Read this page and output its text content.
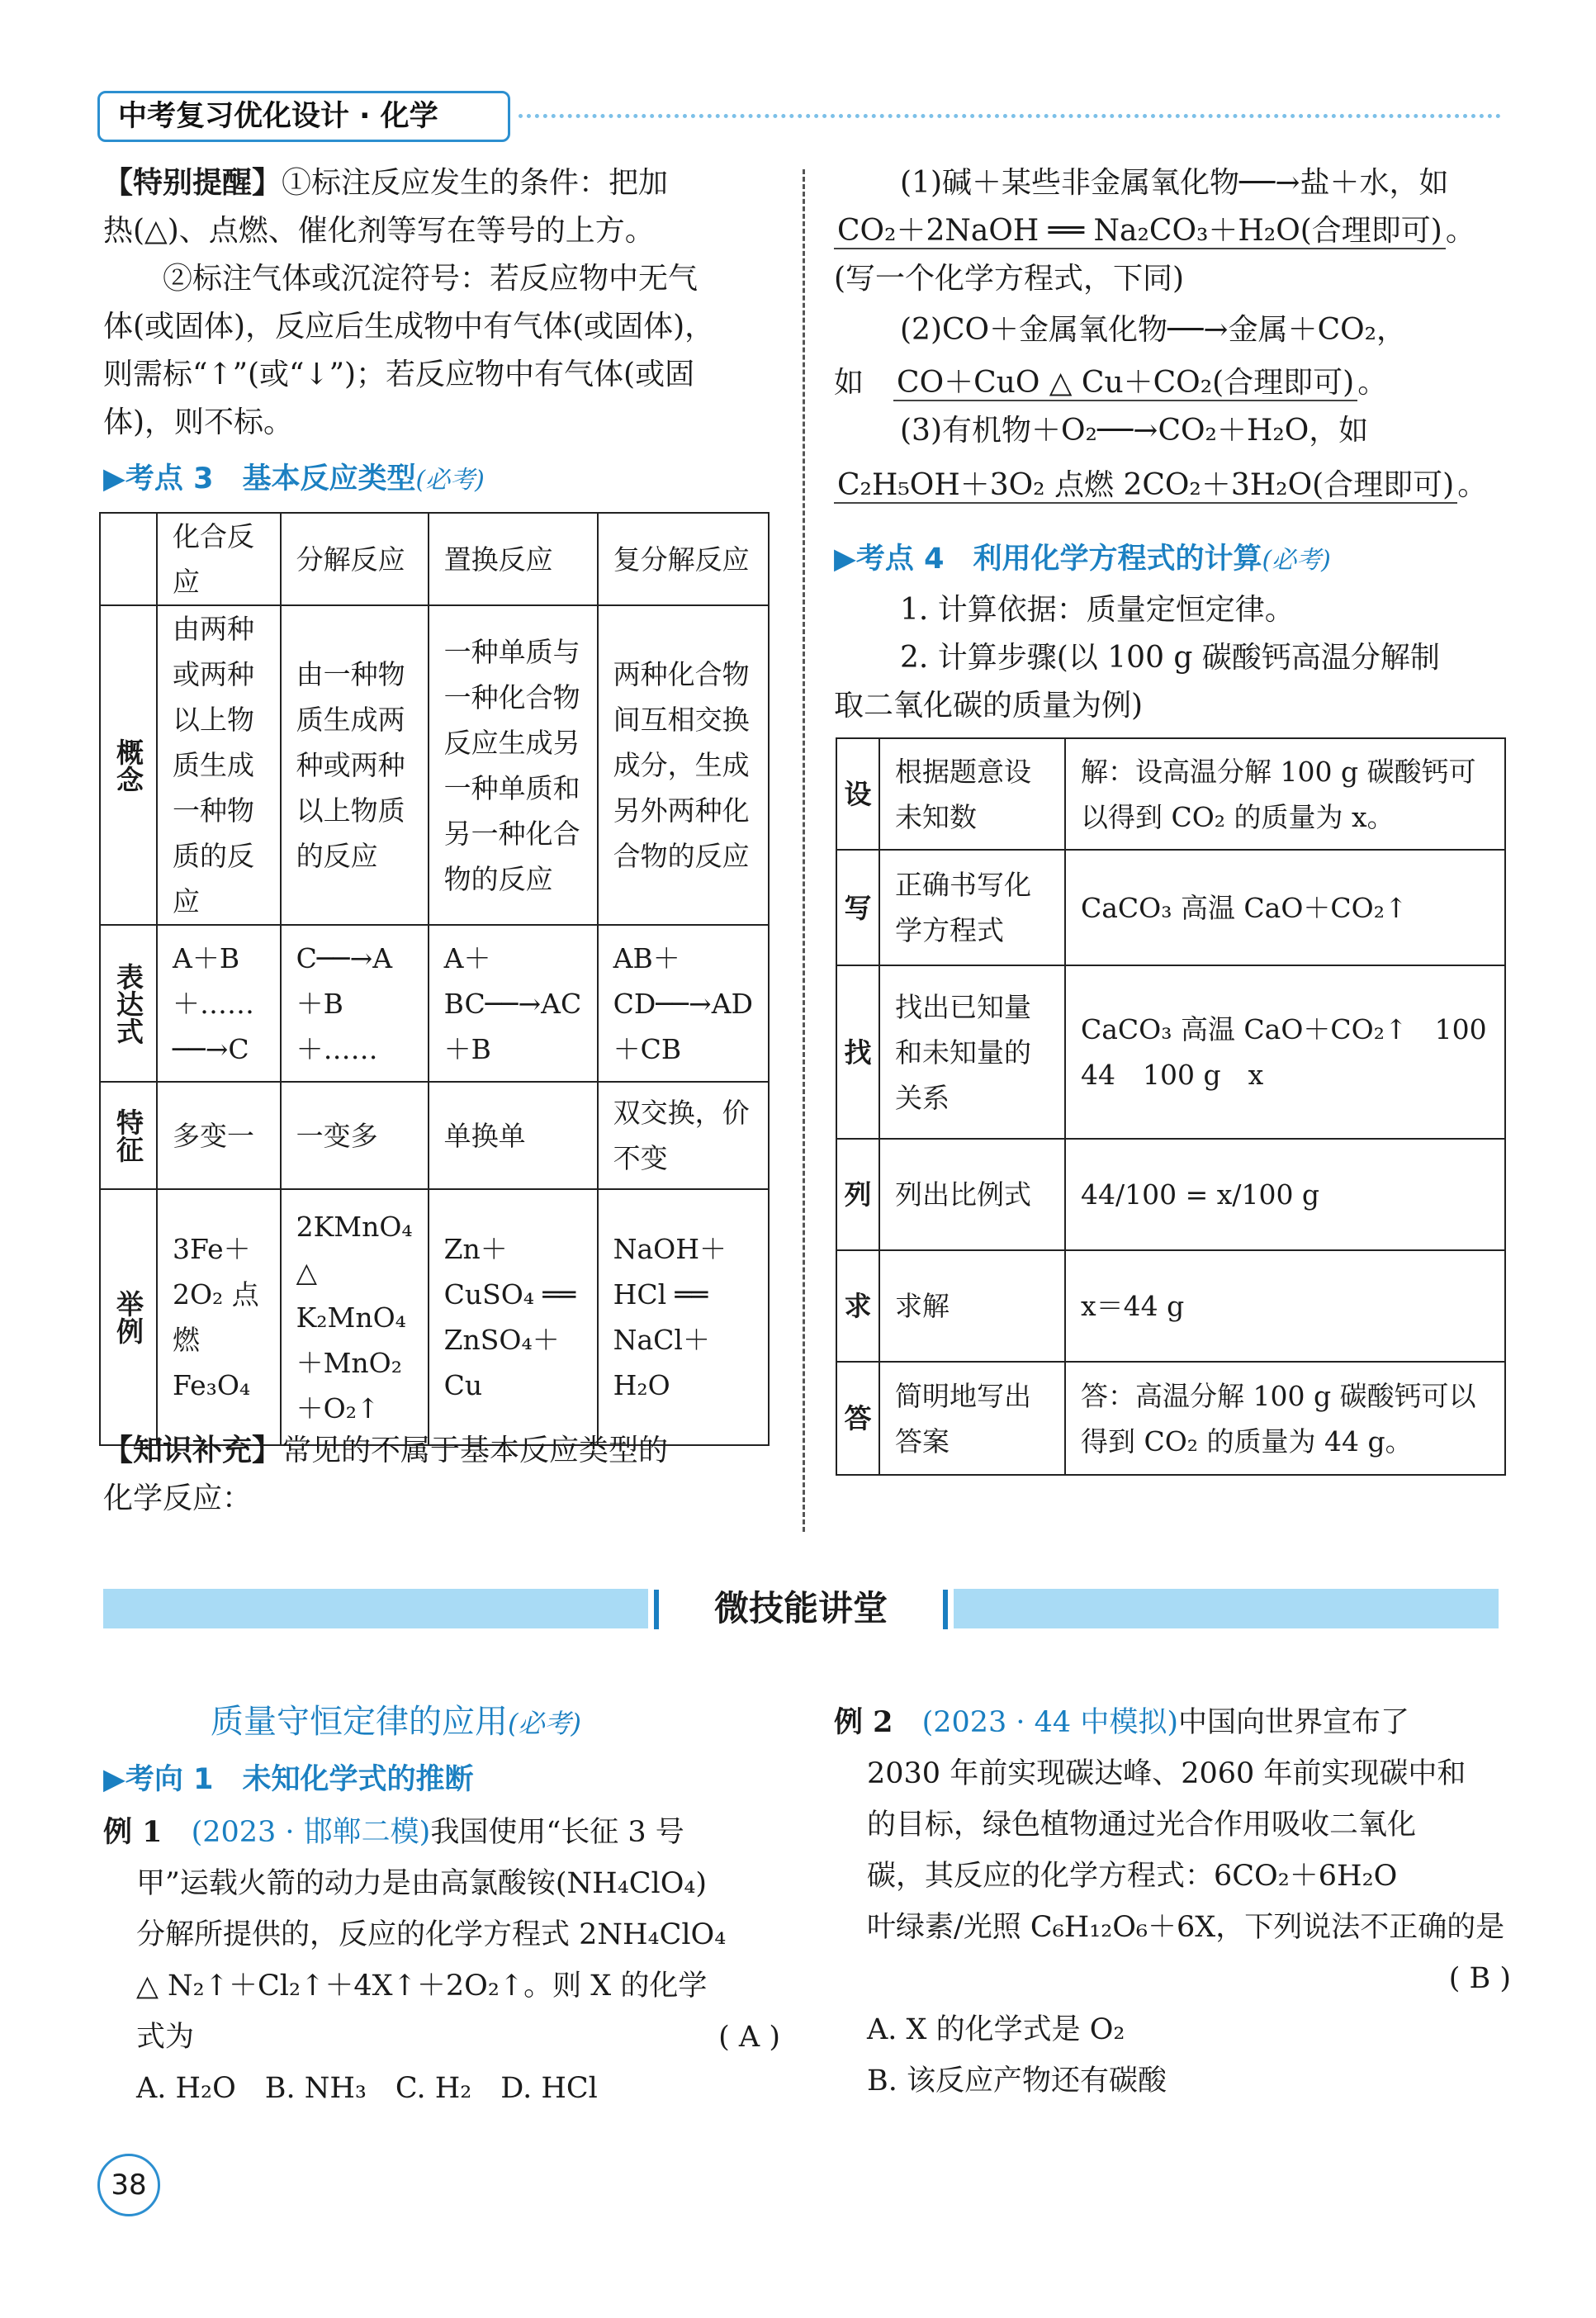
中考复习优化设计 · 化学
【特别提醒】①标注反应发生的条件：把加
热(△)、点燃、催化剂等写在等号的上方。
②标注气体或沉淀符号：若反应物中无气
体(或固体)，反应后生成物中有气体(或固体)，
则需标“↑”(或“↓”)；若反应物中有气体(或固
体)，则不标。
▶考点 3　基本反应类型(必考)
	化合反应	分解反应	置换反应	复分解反应
概念	由两种或两种以上物质生成一种物质的反应	由一种物质生成两种或两种以上物质的反应	一种单质与一种化合物反应生成另一种单质和另一种化合物的反应	两种化合物间互相交换成分，生成另外两种化合物的反应
表达式	A＋B＋……──→C	C──→A＋B＋……	A＋BC──→AC＋B	AB＋CD──→AD＋CB
特征	多变一	一变多	单换单	双交换，价不变
举例	3Fe＋2O₂ 点燃 Fe₃O₄	2KMnO₄ △ K₂MnO₄＋MnO₂＋O₂↑	Zn＋CuSO₄ ══ ZnSO₄＋Cu	NaOH＋HCl ══ NaCl＋H₂O
【知识补充】常见的不属于基本反应类型的
化学反应：
(1)碱＋某些非金属氧化物──→盐＋水，如
CO₂＋2NaOH ══ Na₂CO₃＋H₂O(合理即可) 。
(写一个化学方程式，下同)
(2)CO＋金属氧化物──→金属＋CO₂，
如　 CO＋CuO △ Cu＋CO₂(合理即可) 。
(3)有机物＋O₂──→CO₂＋H₂O，如
C₂H₅OH＋3O₂ 点燃 2CO₂＋3H₂O(合理即可) 。
▶考点 4　利用化学方程式的计算(必考)
1. 计算依据：质量定恒定律。
2. 计算步骤(以 100 g 碳酸钙高温分解制
取二氧化碳的质量为例)
设	根据题意设未知数	解：设高温分解 100 g 碳酸钙可以得到 CO₂ 的质量为 x。
写	正确书写化学方程式	CaCO₃ 高温 CaO＋CO₂↑
找	找出已知量和未知量的关系	CaCO₃ 高温 CaO＋CO₂↑　100　44　100 g　x
列	列出比例式	44/100 = x/100 g
求	求解	x＝44 g
答	简明地写出答案	答：高温分解 100 g 碳酸钙可以得到 CO₂ 的质量为 44 g。
微技能讲堂
质量守恒定律的应用(必考)
▶考向 1　未知化学式的推断
例 1　 (2023 · 邯郸二模)我国使用“长征 3 号
甲”运载火箭的动力是由高氯酸铵(NH₄ClO₄)
分解所提供的，反应的化学方程式 2NH₄ClO₄
△ N₂↑＋Cl₂↑＋4X↑＋2O₂↑。则 X 的化学
式为	( A )
A. H₂O　B. NH₃　C. H₂　D. HCl
例 2　 (2023 · 44 中模拟)中国向世界宣布了
2030 年前实现碳达峰、2060 年前实现碳中和
的目标，绿色植物通过光合作用吸收二氧化
碳，其反应的化学方程式：6CO₂＋6H₂O
叶绿素/光照 C₆H₁₂O₆＋6X，下列说法不正确的是
( B )
A. X 的化学式是 O₂
B. 该反应产物还有碳酸
38
